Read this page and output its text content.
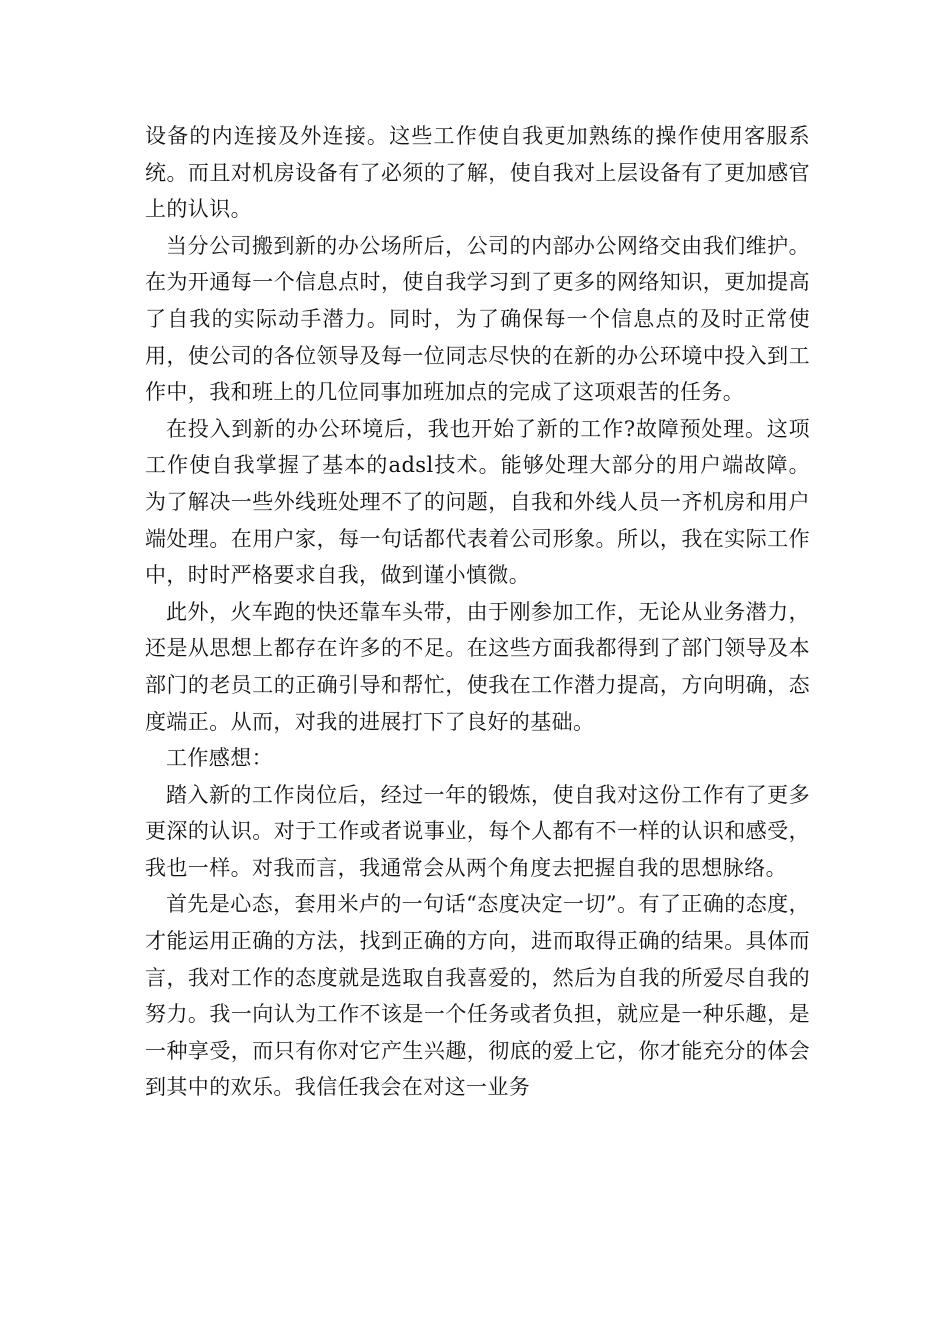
设备的内连接及外连接。这些工作使自我更加熟练的操作使用客服系统。而且对机房设备有了必须的了解，使自我对上层设备有了更加感官上的认识。

当分公司搬到新的办公场所后，公司的内部办公网络交由我们维护。在为开通每一个信息点时，使自我学习到了更多的网络知识，更加提高了自我的实际动手潜力。同时，为了确保每一个信息点的及时正常使用，使公司的各位领导及每一位同志尽快的在新的办公环境中投入到工作中，我和班上的几位同事加班加点的完成了这项艰苦的任务。

在投入到新的办公环境后，我也开始了新的工作?故障预处理。这项工作使自我掌握了基本的adsl技术。能够处理大部分的用户端故障。为了解决一些外线班处理不了的问题，自我和外线人员一齐机房和用户端处理。在用户家，每一句话都代表着公司形象。所以，我在实际工作中，时时严格要求自我，做到谨小慎微。

此外，火车跑的快还靠车头带，由于刚参加工作，无论从业务潜力，还是从思想上都存在许多的不足。在这些方面我都得到了部门领导及本部门的老员工的正确引导和帮忙，使我在工作潜力提高，方向明确，态度端正。从而，对我的进展打下了良好的基础。

工作感想：

踏入新的工作岗位后，经过一年的锻炼，使自我对这份工作有了更多更深的认识。对于工作或者说事业，每个人都有不一样的认识和感受，我也一样。对我而言，我通常会从两个角度去把握自我的思想脉络。

首先是心态，套用米卢的一句话“态度决定一切”。有了正确的态度，才能运用正确的方法，找到正确的方向，进而取得正确的结果。具体而言，我对工作的态度就是选取自我喜爱的，然后为自我的所爱尽自我的努力。我一向认为工作不该是一个任务或者负担，就应是一种乐趣，是一种享受，而只有你对它产生兴趣，彻底的爱上它，你才能充分的体会到其中的欢乐。我信任我会在对这一业务
